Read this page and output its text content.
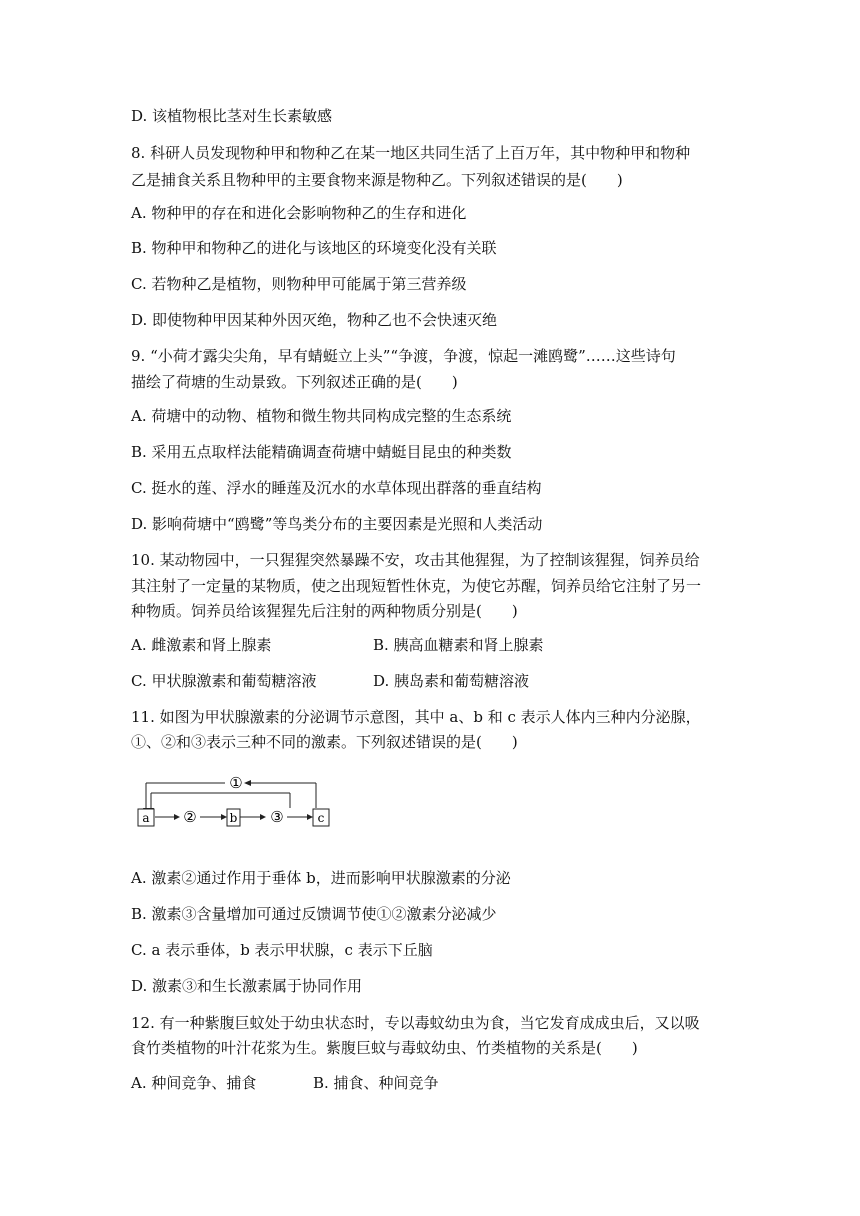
D. 该植物根比茎对生长素敏感
8. 科研人员发现物种甲和物种乙在某一地区共同生活了上百万年，其中物种甲和物种
乙是捕食关系且物种甲的主要食物来源是物种乙。下列叙述错误的是(　　)
A. 物种甲的存在和进化会影响物种乙的生存和进化
B. 物种甲和物种乙的进化与该地区的环境变化没有关联
C. 若物种乙是植物，则物种甲可能属于第三营养级
D. 即使物种甲因某种外因灭绝，物种乙也不会快速灭绝
9. “小荷才露尖尖角，早有蜻蜓立上头”“争渡，争渡，惊起一滩鸥鹭”……这些诗句
描绘了荷塘的生动景致。下列叙述正确的是(　　)
A. 荷塘中的动物、植物和微生物共同构成完整的生态系统
B. 采用五点取样法能精确调查荷塘中蜻蜓目昆虫的种类数
C. 挺水的莲、浮水的睡莲及沉水的水草体现出群落的垂直结构
D. 影响荷塘中“鸥鹭”等鸟类分布的主要因素是光照和人类活动
10. 某动物园中，一只猩猩突然暴躁不安，攻击其他猩猩，为了控制该猩猩，饲养员给
其注射了一定量的某物质，使之出现短暂性休克，为使它苏醒，饲养员给它注射了另一
种物质。饲养员给该猩猩先后注射的两种物质分别是(　　)
A. 雌激素和肾上腺素	B. 胰高血糖素和肾上腺素
C. 甲状腺激素和葡萄糖溶液	D. 胰岛素和葡萄糖溶液
11. 如图为甲状腺激素的分泌调节示意图，其中 a、b 和 c 表示人体内三种内分泌腺，
①、②和③表示三种不同的激素。下列叙述错误的是(　　)
a	b	c
①
②	③
A. 激素②通过作用于垂体 b，进而影响甲状腺激素的分泌
B. 激素③含量增加可通过反馈调节使①②激素分泌减少
C. a 表示垂体，b 表示甲状腺，c 表示下丘脑
D. 激素③和生长激素属于协同作用
12. 有一种紫腹巨蚊处于幼虫状态时，专以毒蚊幼虫为食，当它发育成成虫后，又以吸
食竹类植物的叶汁花浆为生。紫腹巨蚊与毒蚊幼虫、竹类植物的关系是(　　)
A. 种间竞争、捕食	B. 捕食、种间竞争
